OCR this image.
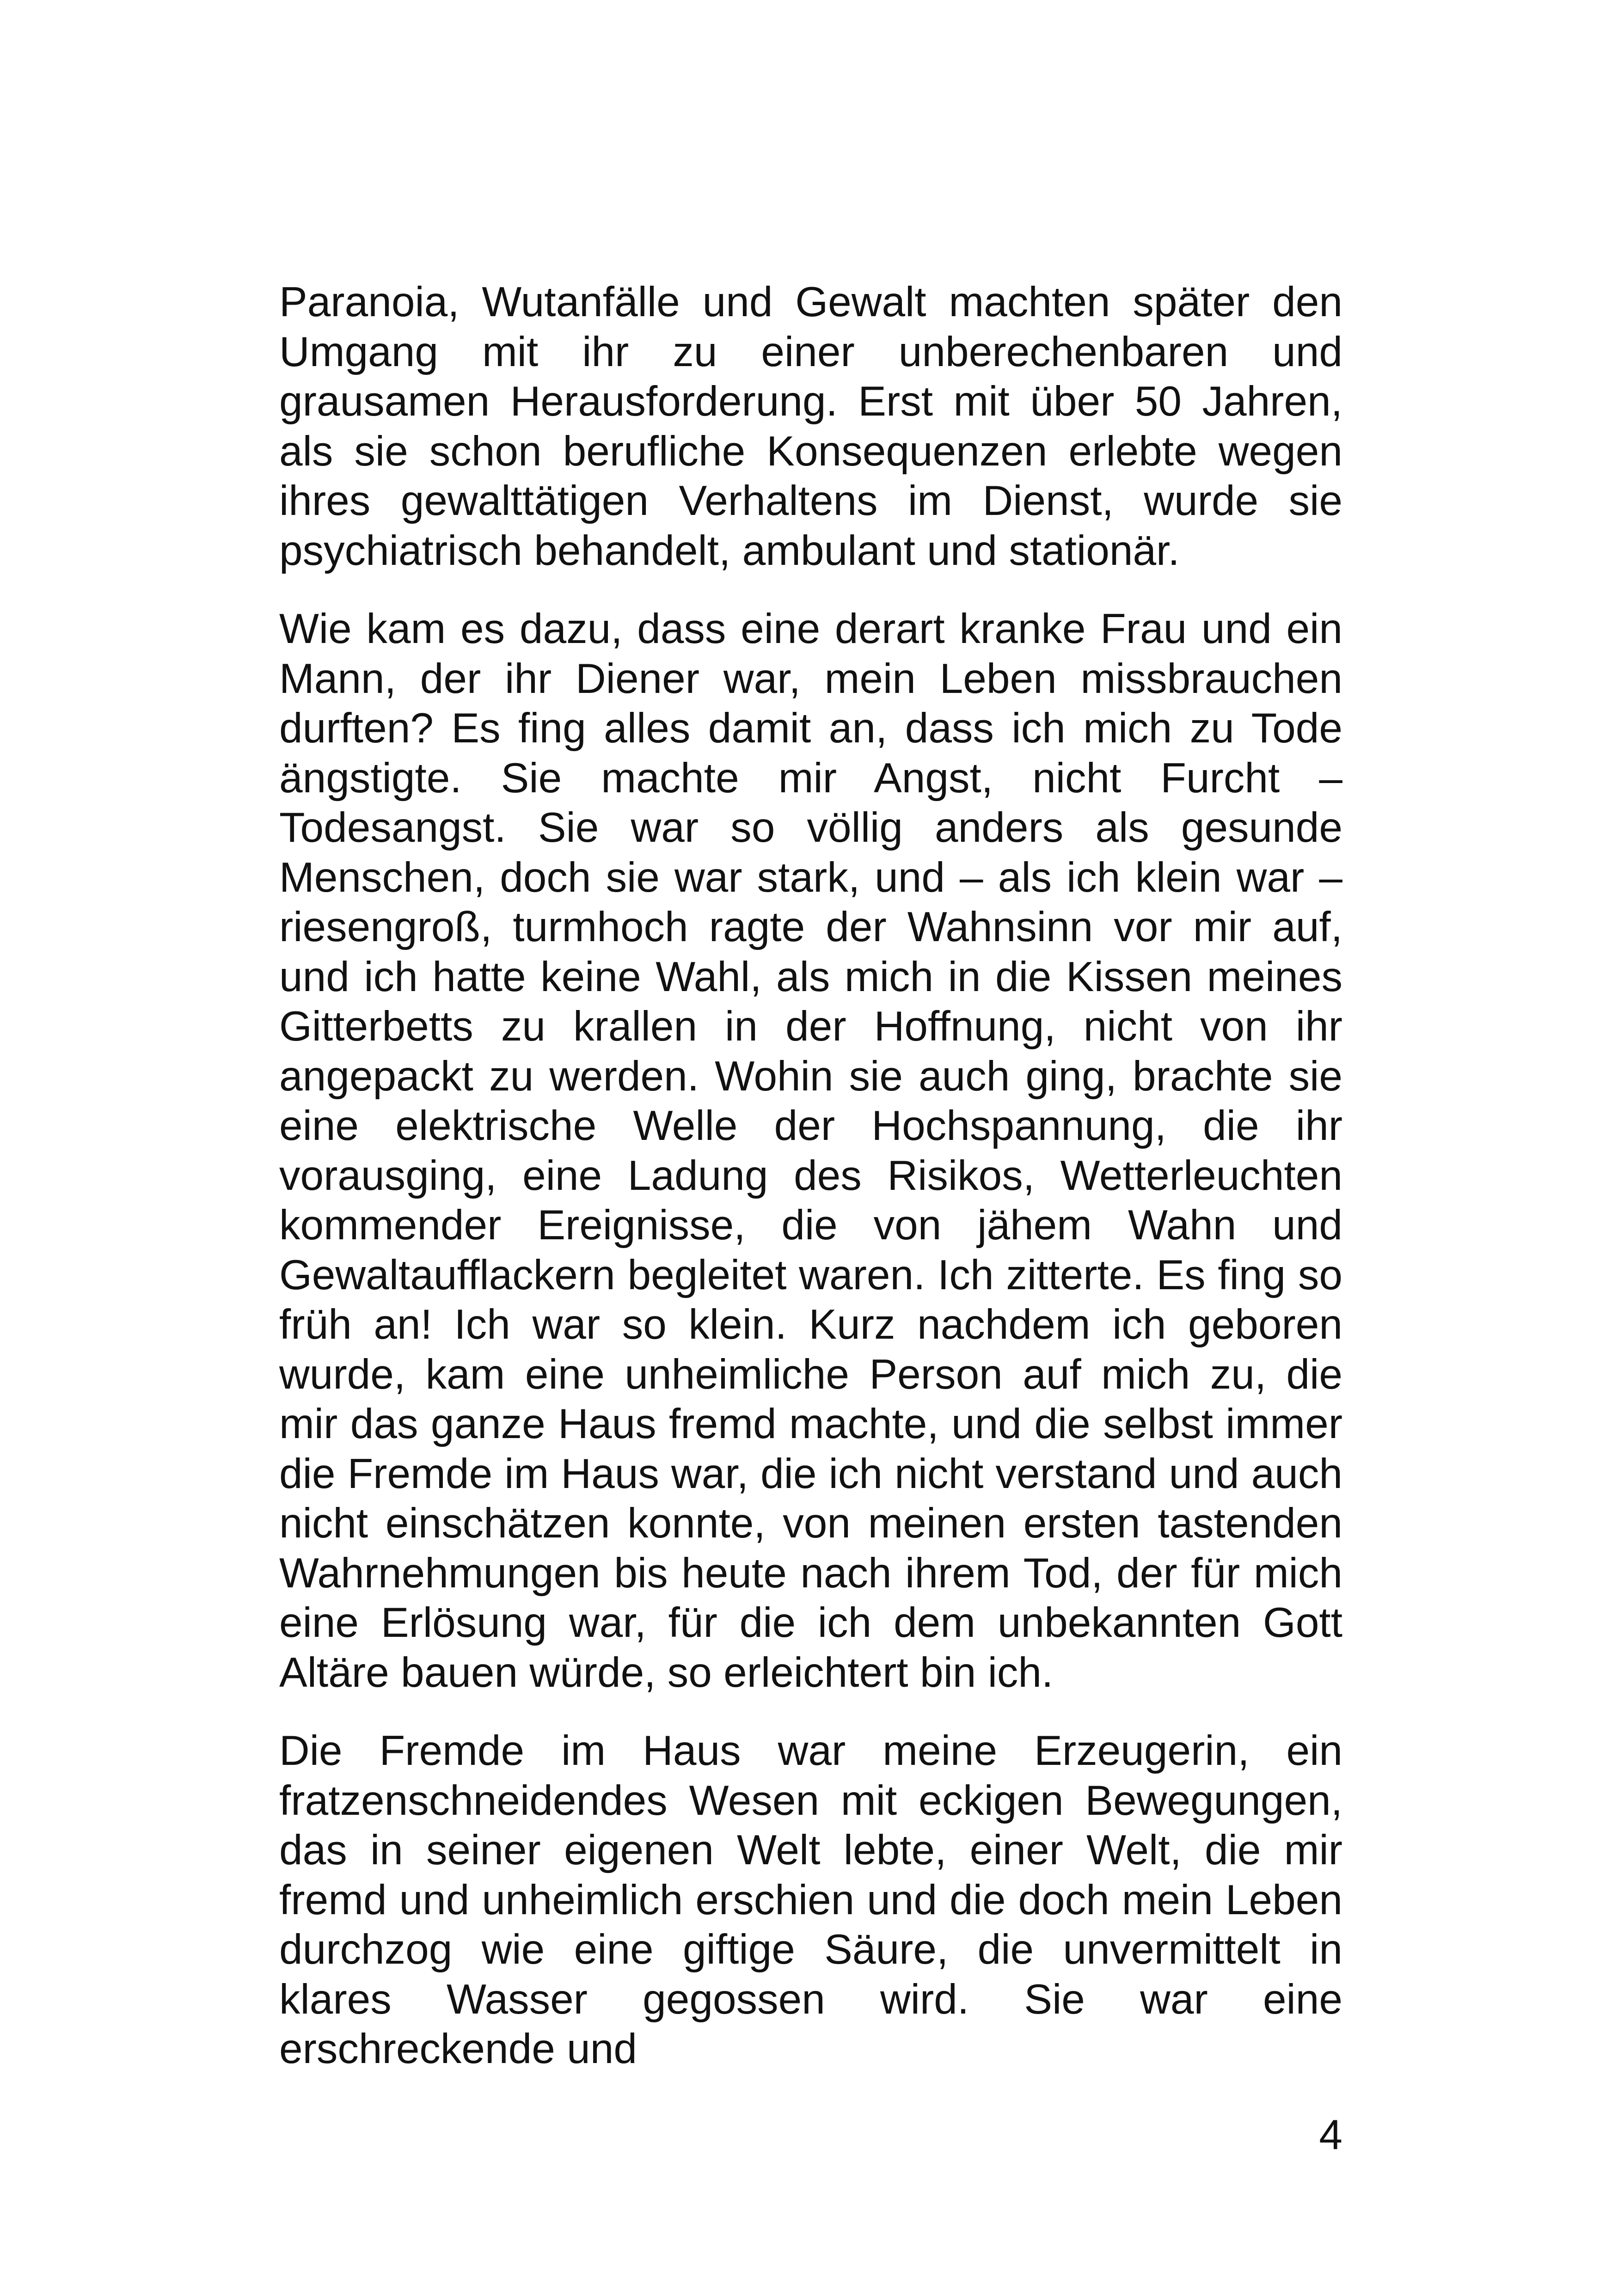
Paranoia, Wutanfälle und Gewalt machten später den Umgang mit ihr zu einer unberechenbaren und grausamen Herausforderung. Erst mit über 50 Jahren, als sie schon berufliche Konsequenzen erlebte wegen ihres gewalttätigen Verhaltens im Dienst, wurde sie psychiatrisch behandelt, ambulant und stationär.

Wie kam es dazu, dass eine derart kranke Frau und ein Mann, der ihr Diener war, mein Leben missbrauchen durften? Es fing alles damit an, dass ich mich zu Tode ängstigte. Sie machte mir Angst, nicht Furcht – Todesangst. Sie war so völlig anders als gesunde Menschen, doch sie war stark, und – als ich klein war – riesengroß, turmhoch ragte der Wahnsinn vor mir auf, und ich hatte keine Wahl, als mich in die Kissen meines Gitterbetts zu krallen in der Hoffnung, nicht von ihr angepackt zu werden. Wohin sie auch ging, brachte sie eine elektrische Welle der Hochspannung, die ihr vorausging, eine Ladung des Risikos, Wetterleuchten kommender Ereignisse, die von jähem Wahn und Gewaltaufflackern begleitet waren. Ich zitterte. Es fing so früh an! Ich war so klein. Kurz nachdem ich geboren wurde, kam eine unheimliche Person auf mich zu, die mir das ganze Haus fremd machte, und die selbst immer die Fremde im Haus war, die ich nicht verstand und auch nicht einschätzen konnte, von meinen ersten tastenden Wahrnehmungen bis heute nach ihrem Tod, der für mich eine Erlösung war, für die ich dem unbekannten Gott Altäre bauen würde, so erleichtert bin ich.

Die Fremde im Haus war meine Erzeugerin, ein fratzenschneidendes Wesen mit eckigen Bewegungen, das in seiner eigenen Welt lebte, einer Welt, die mir fremd und unheimlich erschien und die doch mein Leben durchzog wie eine giftige Säure, die unvermittelt in klares Wasser gegossen wird. Sie war eine erschreckende und

4
